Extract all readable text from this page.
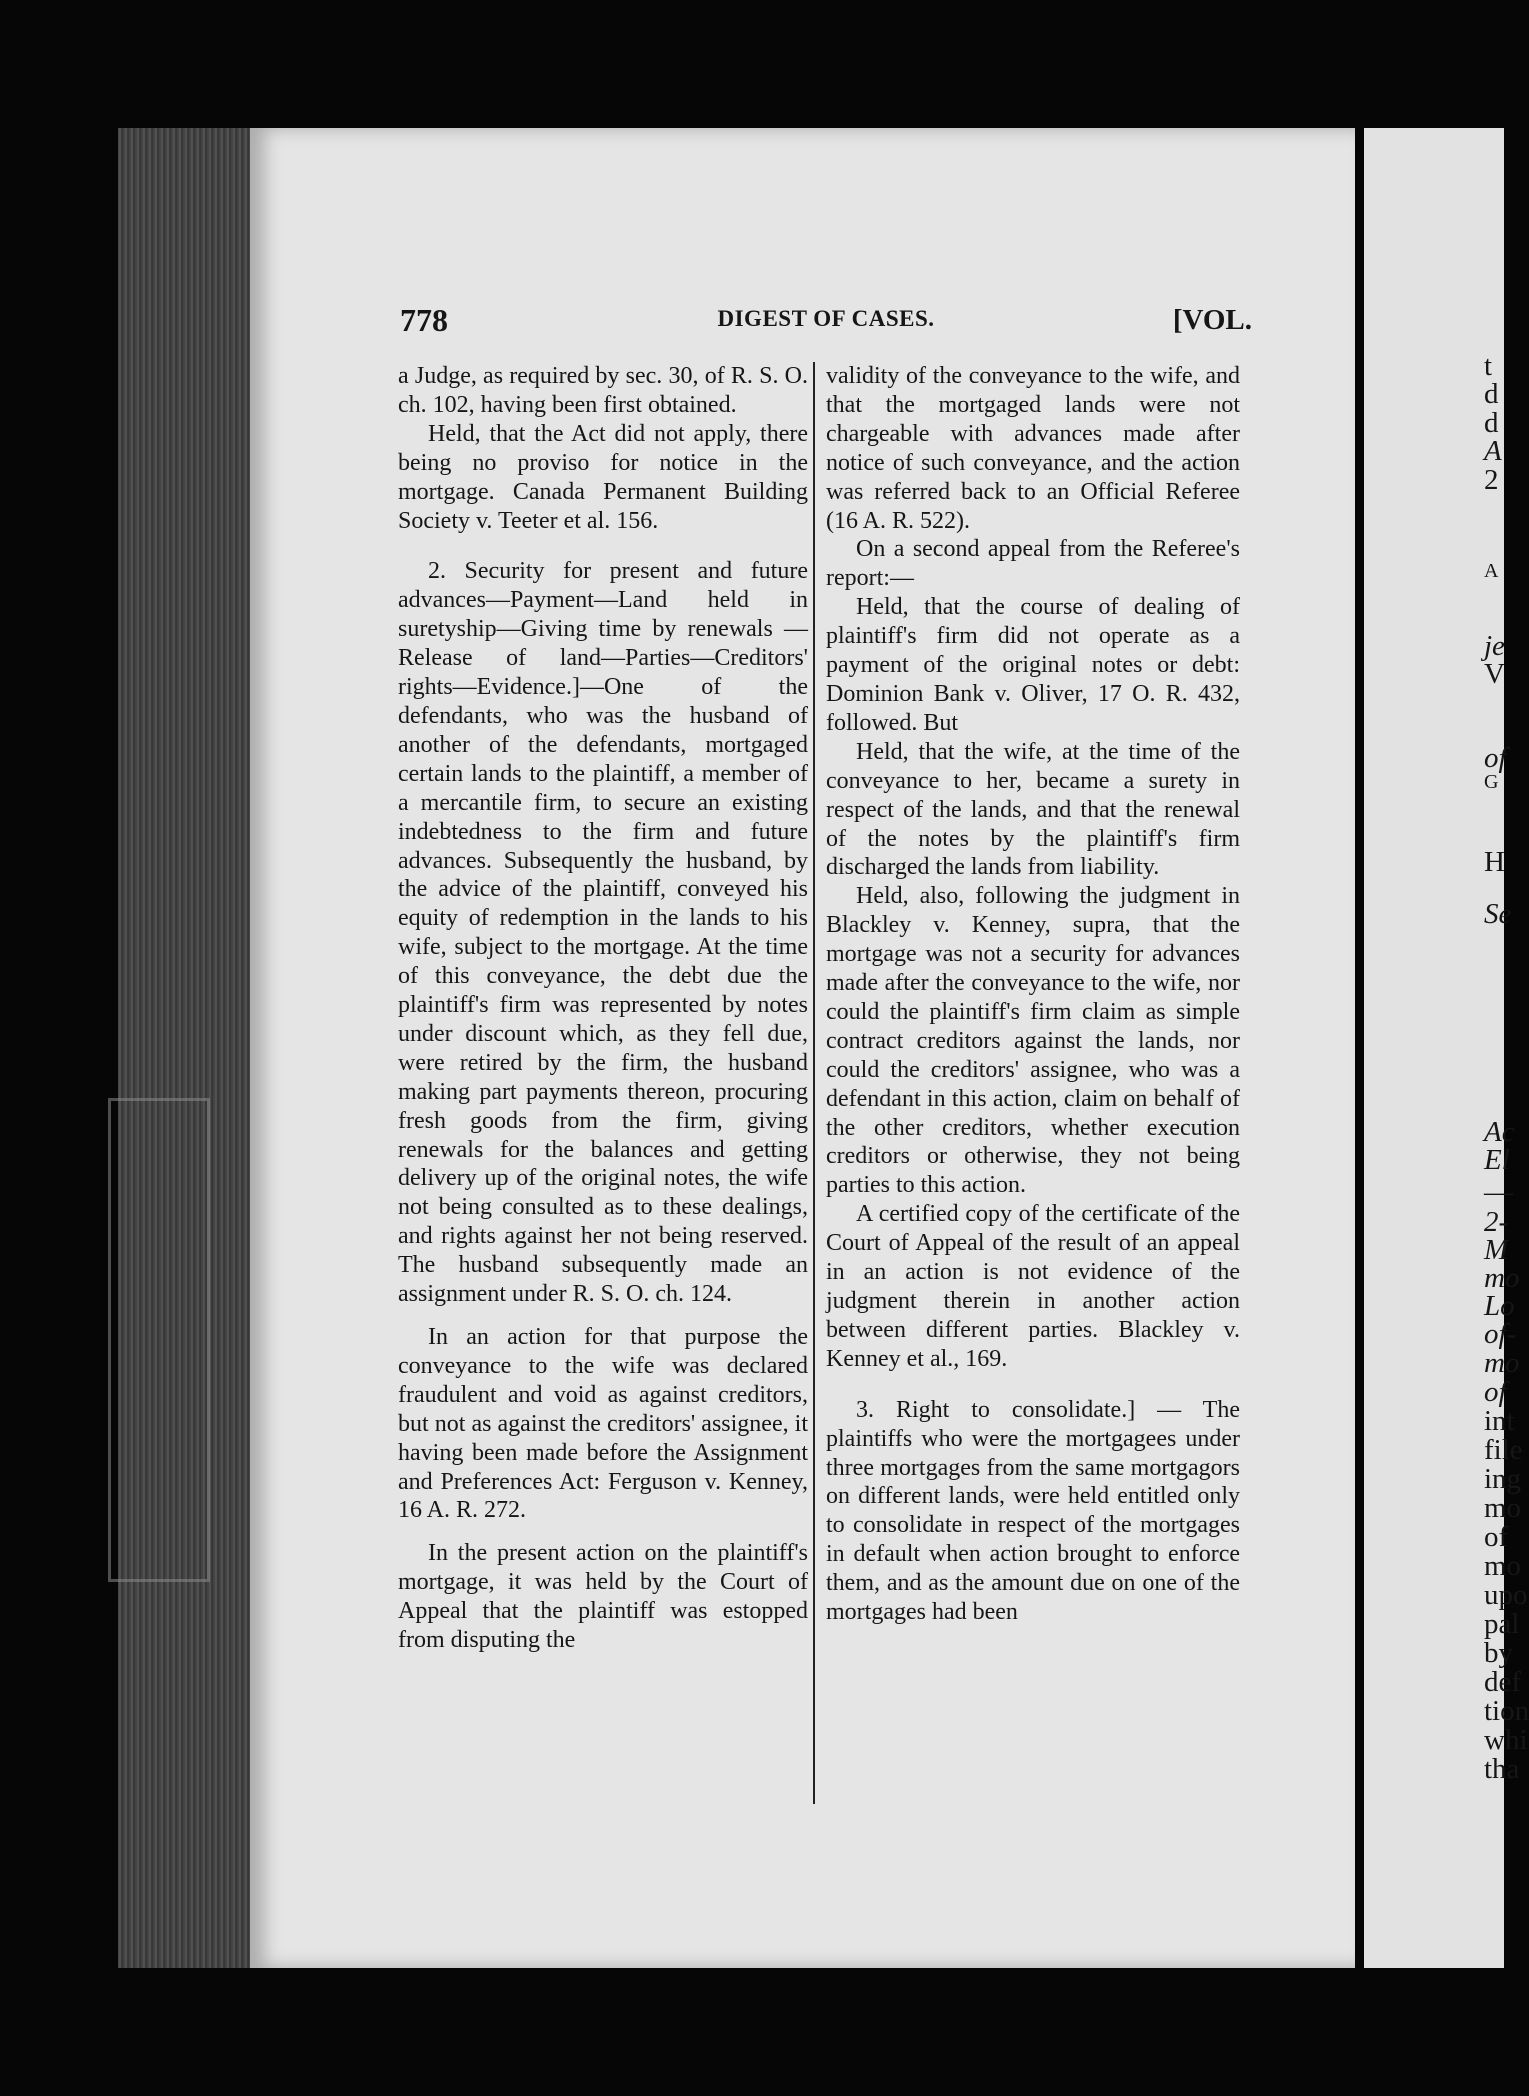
t
d
d
A
2
A
je
V
of
G
H
Se
Ac
El
—
2-
M
mo
Lo
of-
mo
of
int
file
ing
mo
of
mo
upo
pal
by
def
tion
whi
tha
778	DIGEST OF CASES.	[VOL.

a Judge, as required by sec. 30, of R. S. O. ch. 102, having been first obtained.

Held, that the Act did not apply, there being no proviso for notice in the mortgage. Canada Permanent Building Society v. Teeter et al. 156.

2. Security for present and future advances—Payment—Land held in suretyship—Giving time by renewals —Release of land—Parties—Creditors' rights—Evidence.]—One of the defendants, who was the husband of another of the defendants, mortgaged certain lands to the plaintiff, a member of a mercantile firm, to secure an existing indebtedness to the firm and future advances. Subsequently the husband, by the advice of the plaintiff, conveyed his equity of redemption in the lands to his wife, subject to the mortgage. At the time of this conveyance, the debt due the plaintiff's firm was represented by notes under discount which, as they fell due, were retired by the firm, the husband making part payments thereon, procuring fresh goods from the firm, giving renewals for the balances and getting delivery up of the original notes, the wife not being consulted as to these dealings, and rights against her not being reserved. The husband subsequently made an assignment under R. S. O. ch. 124.

In an action for that purpose the conveyance to the wife was declared fraudulent and void as against creditors, but not as against the creditors' assignee, it having been made before the Assignment and Preferences Act: Ferguson v. Kenney, 16 A. R. 272.

In the present action on the plaintiff's mortgage, it was held by the Court of Appeal that the plaintiff was estopped from disputing the

validity of the conveyance to the wife, and that the mortgaged lands were not chargeable with advances made after notice of such conveyance, and the action was referred back to an Official Referee (16 A. R. 522).

On a second appeal from the Referee's report:—

Held, that the course of dealing of plaintiff's firm did not operate as a payment of the original notes or debt: Dominion Bank v. Oliver, 17 O. R. 432, followed. But

Held, that the wife, at the time of the conveyance to her, became a surety in respect of the lands, and that the renewal of the notes by the plaintiff's firm discharged the lands from liability.

Held, also, following the judgment in Blackley v. Kenney, supra, that the mortgage was not a security for advances made after the conveyance to the wife, nor could the plaintiff's firm claim as simple contract creditors against the lands, nor could the creditors' assignee, who was a defendant in this action, claim on behalf of the other creditors, whether execution creditors or otherwise, they not being parties to this action.

A certified copy of the certificate of the Court of Appeal of the result of an appeal in an action is not evidence of the judgment therein in another action between different parties. Blackley v. Kenney et al., 169.

3. Right to consolidate.] — The plaintiffs who were the mortgagees under three mortgages from the same mortgagors on different lands, were held entitled only to consolidate in respect of the mortgages in default when action brought to enforce them, and as the amount due on one of the mortgages had been
